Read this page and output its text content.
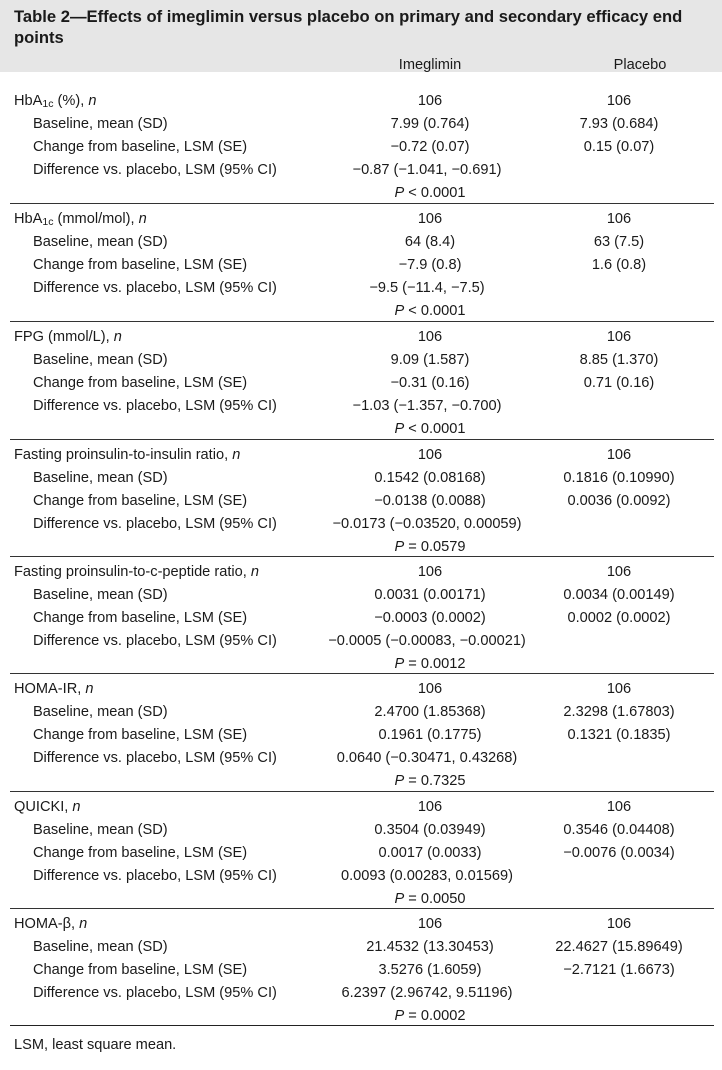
Table 2—Effects of imeglimin versus placebo on primary and secondary efficacy end points

Imeglimin	Placebo
HbA$_{1c}$ (%), n	106	106
Baseline, mean (SD)	7.99 (0.764)	7.93 (0.684)
Change from baseline, LSM (SE)	−0.72 (0.07)	0.15 (0.07)
Difference vs. placebo, LSM (95% CI)	−0.87 (−1.041, −0.691)
P < 0.0001
HbA$_{1c}$ (mmol/mol), n	106	106
Baseline, mean (SD)	64 (8.4)	63 (7.5)
Change from baseline, LSM (SE)	−7.9 (0.8)	1.6 (0.8)
Difference vs. placebo, LSM (95% CI)	−9.5 (−11.4, −7.5)
P < 0.0001
FPG (mmol/L), n	106	106
Baseline, mean (SD)	9.09 (1.587)	8.85 (1.370)
Change from baseline, LSM (SE)	−0.31 (0.16)	0.71 (0.16)
Difference vs. placebo, LSM (95% CI)	−1.03 (−1.357, −0.700)
P < 0.0001
Fasting proinsulin-to-insulin ratio, n	106	106
Baseline, mean (SD)	0.1542 (0.08168)	0.1816 (0.10990)
Change from baseline, LSM (SE)	−0.0138 (0.0088)	0.0036 (0.0092)
Difference vs. placebo, LSM (95% CI)	−0.0173 (−0.03520, 0.00059)
P = 0.0579
Fasting proinsulin-to-c-peptide ratio, n	106	106
Baseline, mean (SD)	0.0031 (0.00171)	0.0034 (0.00149)
Change from baseline, LSM (SE)	−0.0003 (0.0002)	0.0002 (0.0002)
Difference vs. placebo, LSM (95% CI)	−0.0005 (−0.00083, −0.00021)
P = 0.0012
HOMA-IR, n	106	106
Baseline, mean (SD)	2.4700 (1.85368)	2.3298 (1.67803)
Change from baseline, LSM (SE)	0.1961 (0.1775)	0.1321 (0.1835)
Difference vs. placebo, LSM (95% CI)	0.0640 (−0.30471, 0.43268)
P = 0.7325
QUICKI, n	106	106
Baseline, mean (SD)	0.3504 (0.03949)	0.3546 (0.04408)
Change from baseline, LSM (SE)	0.0017 (0.0033)	−0.0076 (0.0034)
Difference vs. placebo, LSM (95% CI)	0.0093 (0.00283, 0.01569)
P = 0.0050
HOMA-β, n	106	106
Baseline, mean (SD)	21.4532 (13.30453)	22.4627 (15.89649)
Change from baseline, LSM (SE)	3.5276 (1.6059)	−2.7121 (1.6673)
Difference vs. placebo, LSM (95% CI)	6.2397 (2.96742, 9.51196)
P = 0.0002
LSM, least square mean.
